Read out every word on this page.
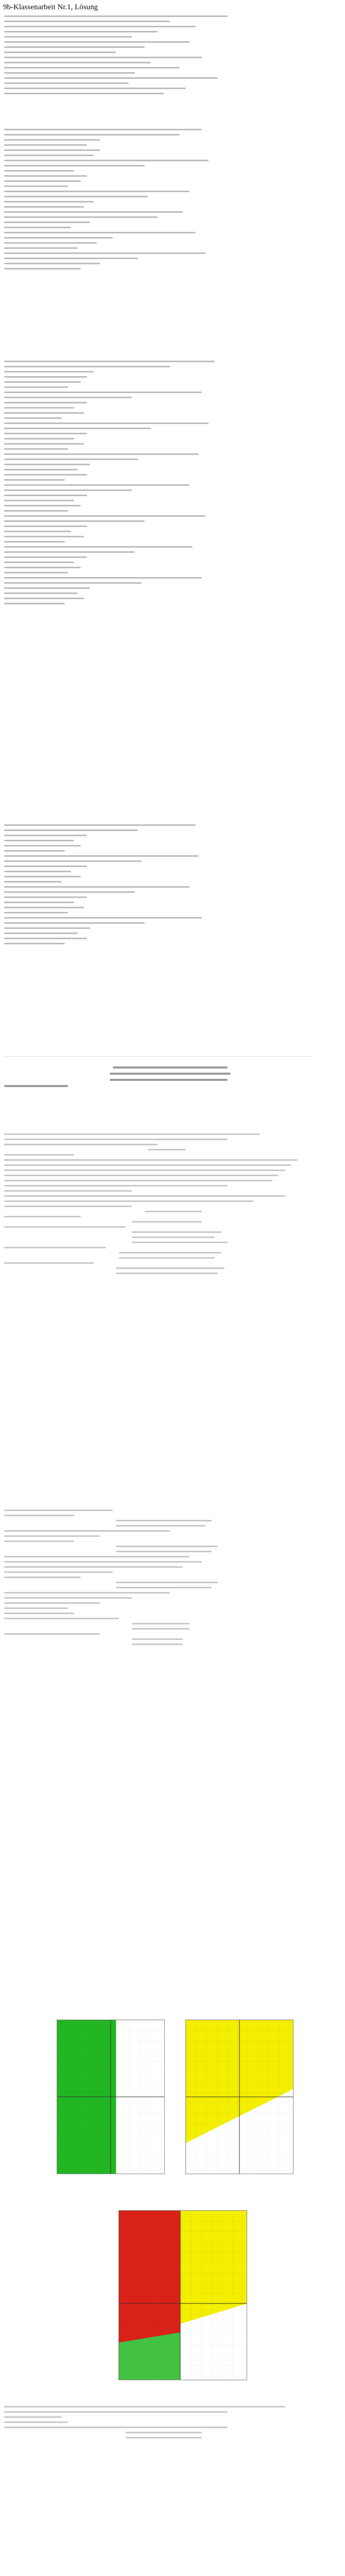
9b-Klassenarbeit Nr.1, Lösung
